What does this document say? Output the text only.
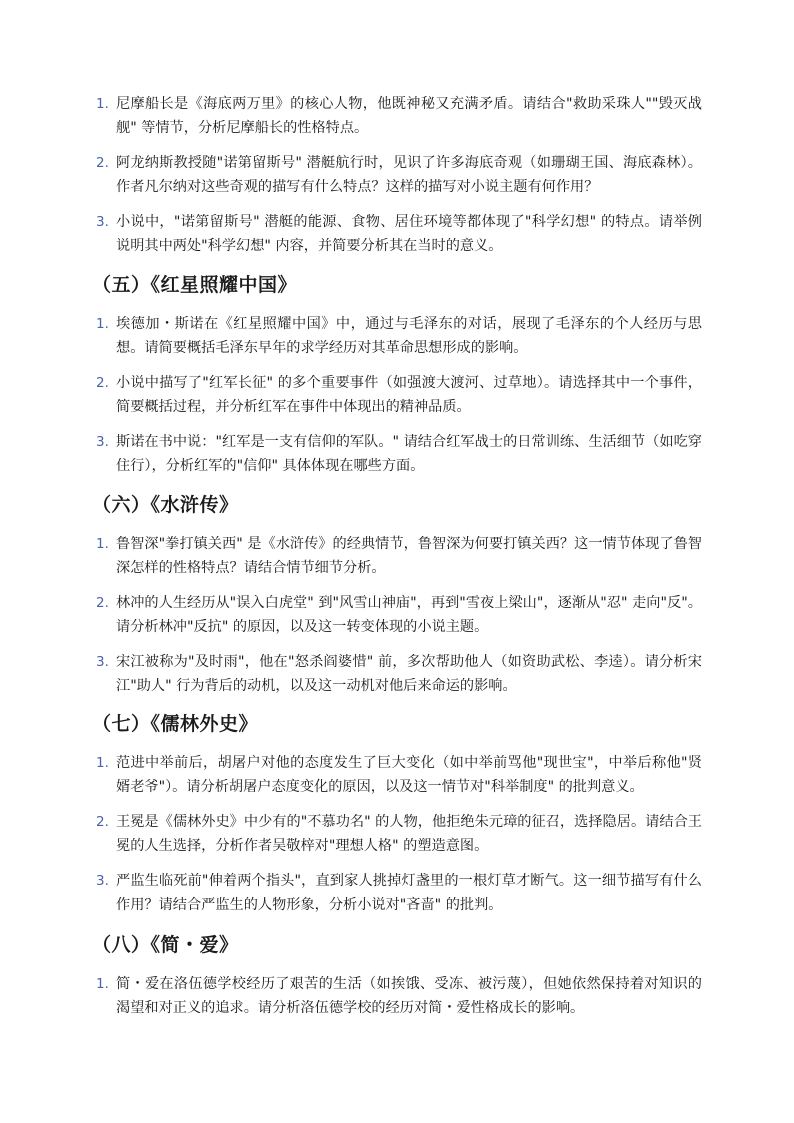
1. 尼摩船长是《海底两万里》的核心人物，他既神秘又充满矛盾。请结合"救助采珠人""毁灭战舰" 等情节，分析尼摩船长的性格特点。
2. 阿龙纳斯教授随"诺第留斯号" 潜艇航行时，见识了许多海底奇观（如珊瑚王国、海底森林）。作者凡尔纳对这些奇观的描写有什么特点？这样的描写对小说主题有何作用？
3. 小说中，"诺第留斯号" 潜艇的能源、食物、居住环境等都体现了"科学幻想" 的特点。请举例说明其中两处"科学幻想" 内容，并简要分析其在当时的意义。
（五）《红星照耀中国》
1. 埃德加・斯诺在《红星照耀中国》中，通过与毛泽东的对话，展现了毛泽东的个人经历与思想。请简要概括毛泽东早年的求学经历对其革命思想形成的影响。
2. 小说中描写了"红军长征" 的多个重要事件（如强渡大渡河、过草地）。请选择其中一个事件，简要概括过程，并分析红军在事件中体现出的精神品质。
3. 斯诺在书中说："红军是一支有信仰的军队。" 请结合红军战士的日常训练、生活细节（如吃穿住行），分析红军的"信仰" 具体体现在哪些方面。
（六）《水浒传》
1. 鲁智深"拳打镇关西" 是《水浒传》的经典情节，鲁智深为何要打镇关西？这一情节体现了鲁智深怎样的性格特点？请结合情节细节分析。
2. 林冲的人生经历从"误入白虎堂" 到"风雪山神庙"，再到"雪夜上梁山"，逐渐从"忍" 走向"反"。请分析林冲"反抗" 的原因，以及这一转变体现的小说主题。
3. 宋江被称为"及时雨"，他在"怒杀阎婆惜" 前，多次帮助他人（如资助武松、李逵）。请分析宋江"助人" 行为背后的动机，以及这一动机对他后来命运的影响。
（七）《儒林外史》
1. 范进中举前后，胡屠户对他的态度发生了巨大变化（如中举前骂他"现世宝"，中举后称他"贤婿老爷"）。请分析胡屠户态度变化的原因，以及这一情节对"科举制度" 的批判意义。
2. 王冕是《儒林外史》中少有的"不慕功名" 的人物，他拒绝朱元璋的征召，选择隐居。请结合王冕的人生选择，分析作者吴敬梓对"理想人格" 的塑造意图。
3. 严监生临死前"伸着两个指头"，直到家人挑掉灯盏里的一根灯草才断气。这一细节描写有什么作用？请结合严监生的人物形象，分析小说对"吝啬" 的批判。
（八）《简・爱》
1. 简・爱在洛伍德学校经历了艰苦的生活（如挨饿、受冻、被污蔑），但她依然保持着对知识的渴望和对正义的追求。请分析洛伍德学校的经历对简・爱性格成长的影响。
